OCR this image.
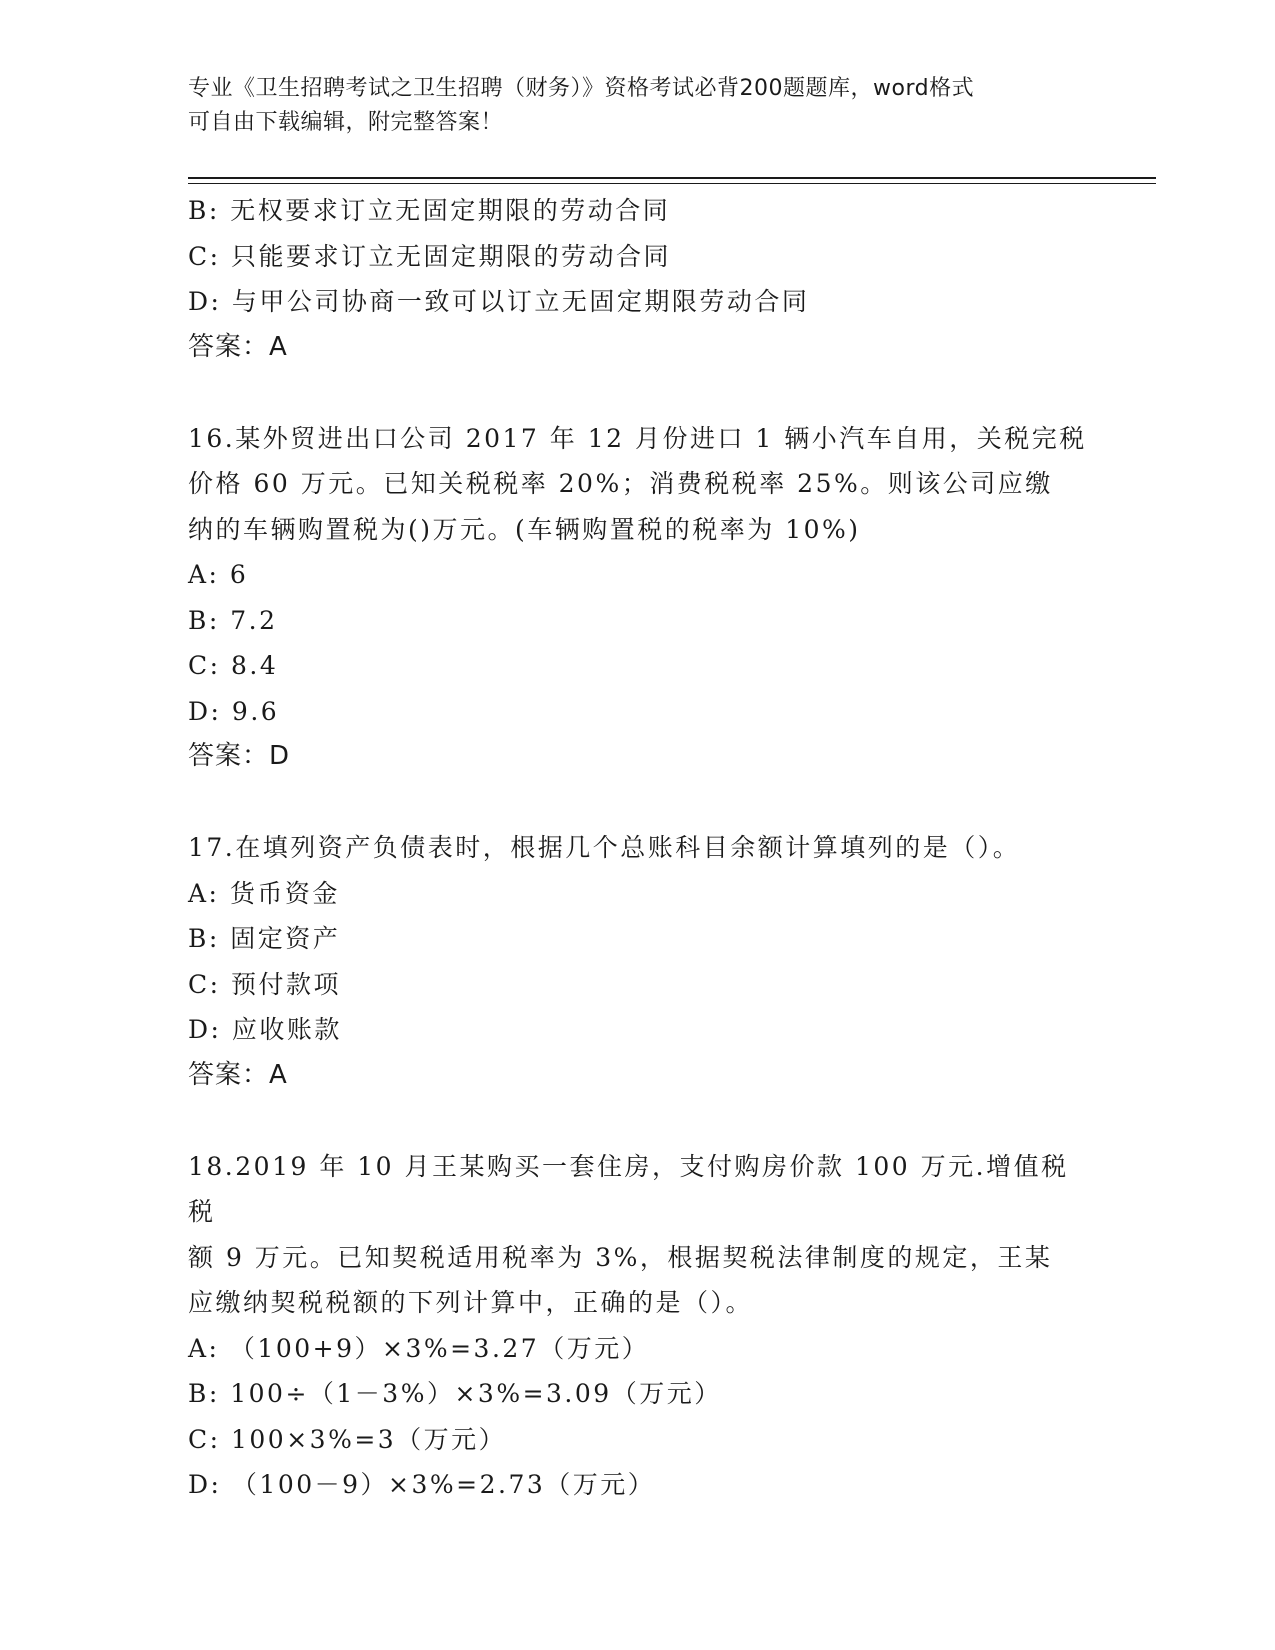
专业《卫生招聘考试之卫生招聘（财务）》资格考试必背200题题库，word格式
可自由下载编辑，附完整答案！
B: 无权要求订立无固定期限的劳动合同
C: 只能要求订立无固定期限的劳动合同
D: 与甲公司协商一致可以订立无固定期限劳动合同
答案：A
16.某外贸进出口公司 2017 年 12 月份进口 1 辆小汽车自用，关税完税
价格 60 万元。已知关税税率 20%；消费税税率 25%。则该公司应缴
纳的车辆购置税为()万元。(车辆购置税的税率为 10%)
A: 6
B: 7.2
C: 8.4
D: 9.6
答案：D
17.在填列资产负债表时，根据几个总账科目余额计算填列的是（）。
A: 货币资金
B: 固定资产
C: 预付款项
D: 应收账款
答案：A
18.2019 年 10 月王某购买一套住房，支付购房价款 100 万元.增值税税
额 9 万元。已知契税适用税率为 3%，根据契税法律制度的规定，王某
应缴纳契税税额的下列计算中，正确的是（）。
A: （100+9）×3%=3.27（万元）
B: 100÷（1－3%）×3%=3.09（万元）
C: 100×3%=3（万元）
D: （100－9）×3%=2.73（万元）
